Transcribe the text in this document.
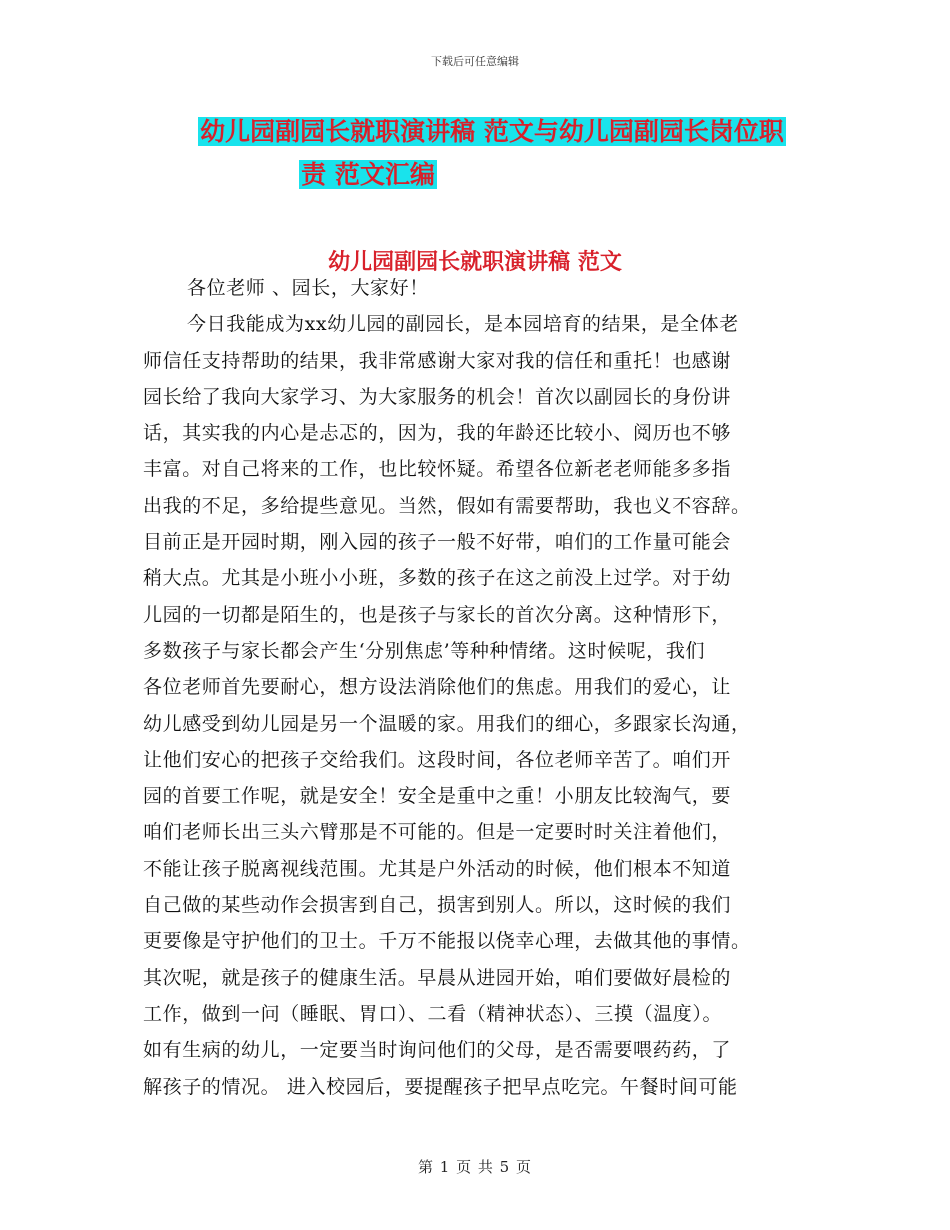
下载后可任意编辑
幼儿园副园长就职演讲稿 范文与幼儿园副园长岗位职
责 范文汇编
幼儿园副园长就职演讲稿 范文
各位老师 、园长，大家好！
今日我能成为xx幼儿园的副园长，是本园培育的结果，是全体老
师信任支持帮助的结果，我非常感谢大家对我的信任和重托！也感谢
园长给了我向大家学习、为大家服务的机会！首次以副园长的身份讲
话，其实我的内心是忐忑的，因为，我的年龄还比较小、阅历也不够
丰富。对自己将来的工作，也比较怀疑。希望各位新老老师能多多指
出我的不足，多给提些意见。当然，假如有需要帮助，我也义不容辞。
目前正是开园时期，刚入园的孩子一般不好带，咱们的工作量可能会
稍大点。尤其是小班小小班，多数的孩子在这之前没上过学。对于幼
儿园的一切都是陌生的，也是孩子与家长的首次分离。这种情形下，
多数孩子与家长都会产生‘分别焦虑’等种种情绪。这时候呢，我们
各位老师首先要耐心，想方设法消除他们的焦虑。用我们的爱心，让
幼儿感受到幼儿园是另一个温暖的家。用我们的细心，多跟家长沟通，
让他们安心的把孩子交给我们。这段时间，各位老师辛苦了。咱们开
园的首要工作呢，就是安全！安全是重中之重！小朋友比较淘气，要
咱们老师长出三头六臂那是不可能的。但是一定要时时关注着他们，
不能让孩子脱离视线范围。尤其是户外活动的时候，他们根本不知道
自己做的某些动作会损害到自己，损害到别人。所以，这时候的我们
更要像是守护他们的卫士。千万不能报以侥幸心理，去做其他的事情。
其次呢，就是孩子的健康生活。早晨从进园开始，咱们要做好晨检的
工作，做到一问（睡眠、胃口）、二看（精神状态）、三摸（温度）。
如有生病的幼儿，一定要当时询问他们的父母，是否需要喂药药，了
解孩子的情况。 进入校园后，要提醒孩子把早点吃完。午餐时间可能
第 1 页 共 5 页
